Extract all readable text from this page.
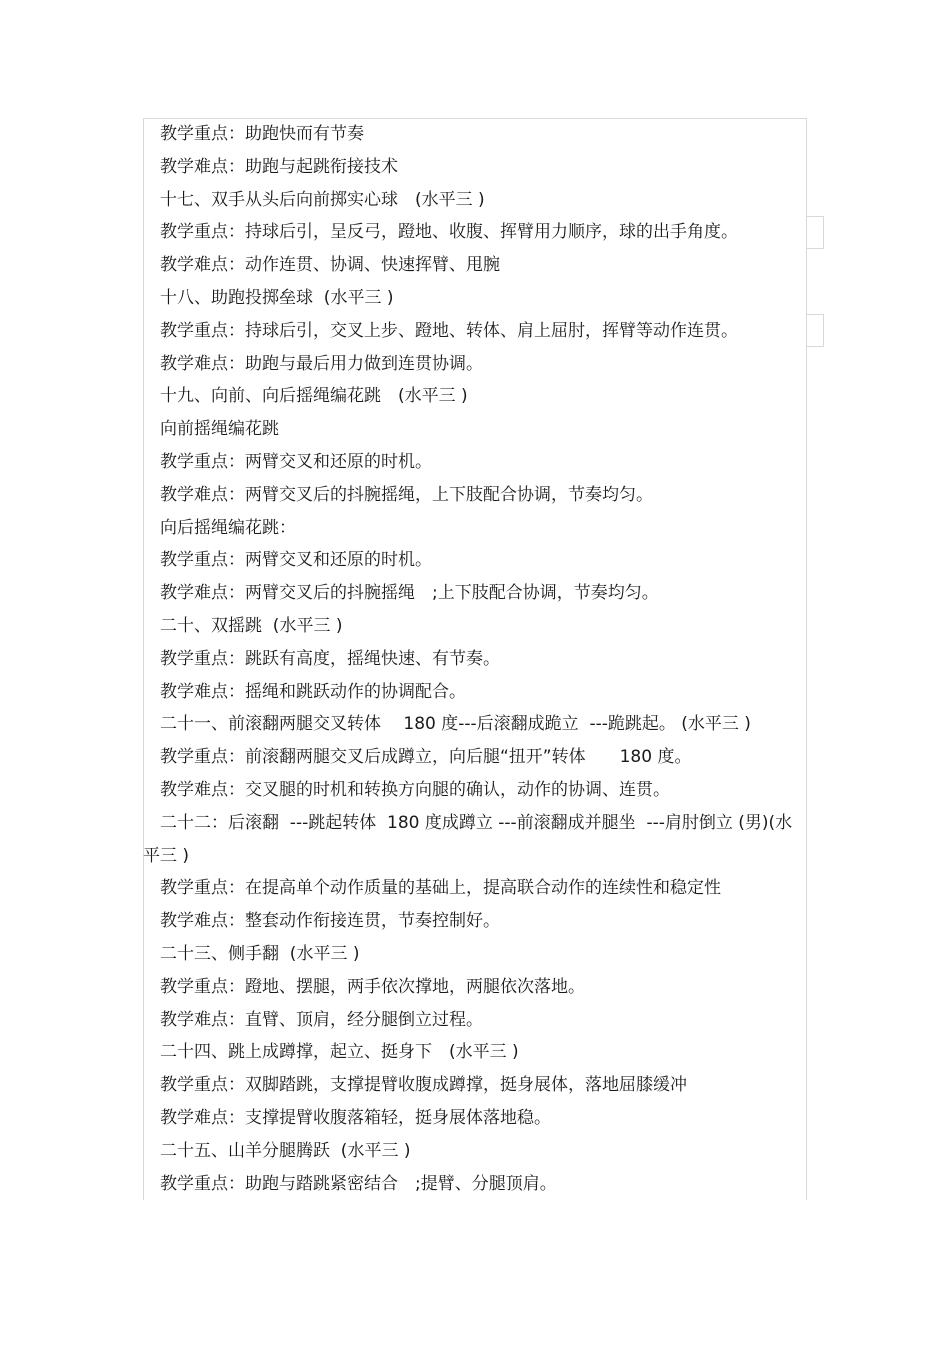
教学重点：助跑快而有节奏
教学难点：助跑与起跳衔接技术
十七、双手从头后向前掷实心球　(水平三 )
教学重点：持球后引，呈反弓，蹬地、收腹、挥臂用力顺序，球的出手角度。
教学难点：动作连贯、协调、快速挥臂、甩腕
十八、助跑投掷垒球  (水平三 )
教学重点：持球后引，交叉上步、蹬地、转体、肩上屈肘，挥臂等动作连贯。
教学难点：助跑与最后用力做到连贯协调。
十九、向前、向后摇绳编花跳　(水平三 )
向前摇绳编花跳
教学重点：两臂交叉和还原的时机。
教学难点：两臂交叉后的抖腕摇绳，上下肢配合协调，节奏均匀。
向后摇绳编花跳：
教学重点：两臂交叉和还原的时机。
教学难点：两臂交叉后的抖腕摇绳　;上下肢配合协调，节奏均匀。
二十、双摇跳  (水平三 )
教学重点：跳跃有高度，摇绳快速、有节奏。
教学难点：摇绳和跳跃动作的协调配合。
二十一、前滚翻两腿交叉转体　 180 度---后滚翻成跪立  ---跪跳起。 (水平三 )
教学重点：前滚翻两腿交叉后成蹲立，向后腿“扭开”转体　　180 度。
教学难点：交叉腿的时机和转换方向腿的确认，动作的协调、连贯。
二十二：后滚翻  ---跳起转体  180 度成蹲立 ---前滚翻成并腿坐  ---肩肘倒立 (男)(水
平三 )
教学重点：在提高单个动作质量的基础上，提高联合动作的连续性和稳定性
教学难点：整套动作衔接连贯，节奏控制好。
二十三、侧手翻  (水平三 )
教学重点：蹬地、摆腿，两手依次撑地，两腿依次落地。
教学难点：直臂、顶肩，经分腿倒立过程。
二十四、跳上成蹲撑，起立、挺身下　(水平三 )
教学重点：双脚踏跳，支撑提臂收腹成蹲撑，挺身展体，落地屈膝缓冲
教学难点：支撑提臂收腹落箱轻，挺身展体落地稳。
二十五、山羊分腿腾跃  (水平三 )
教学重点：助跑与踏跳紧密结合　;提臂、分腿顶肩。
